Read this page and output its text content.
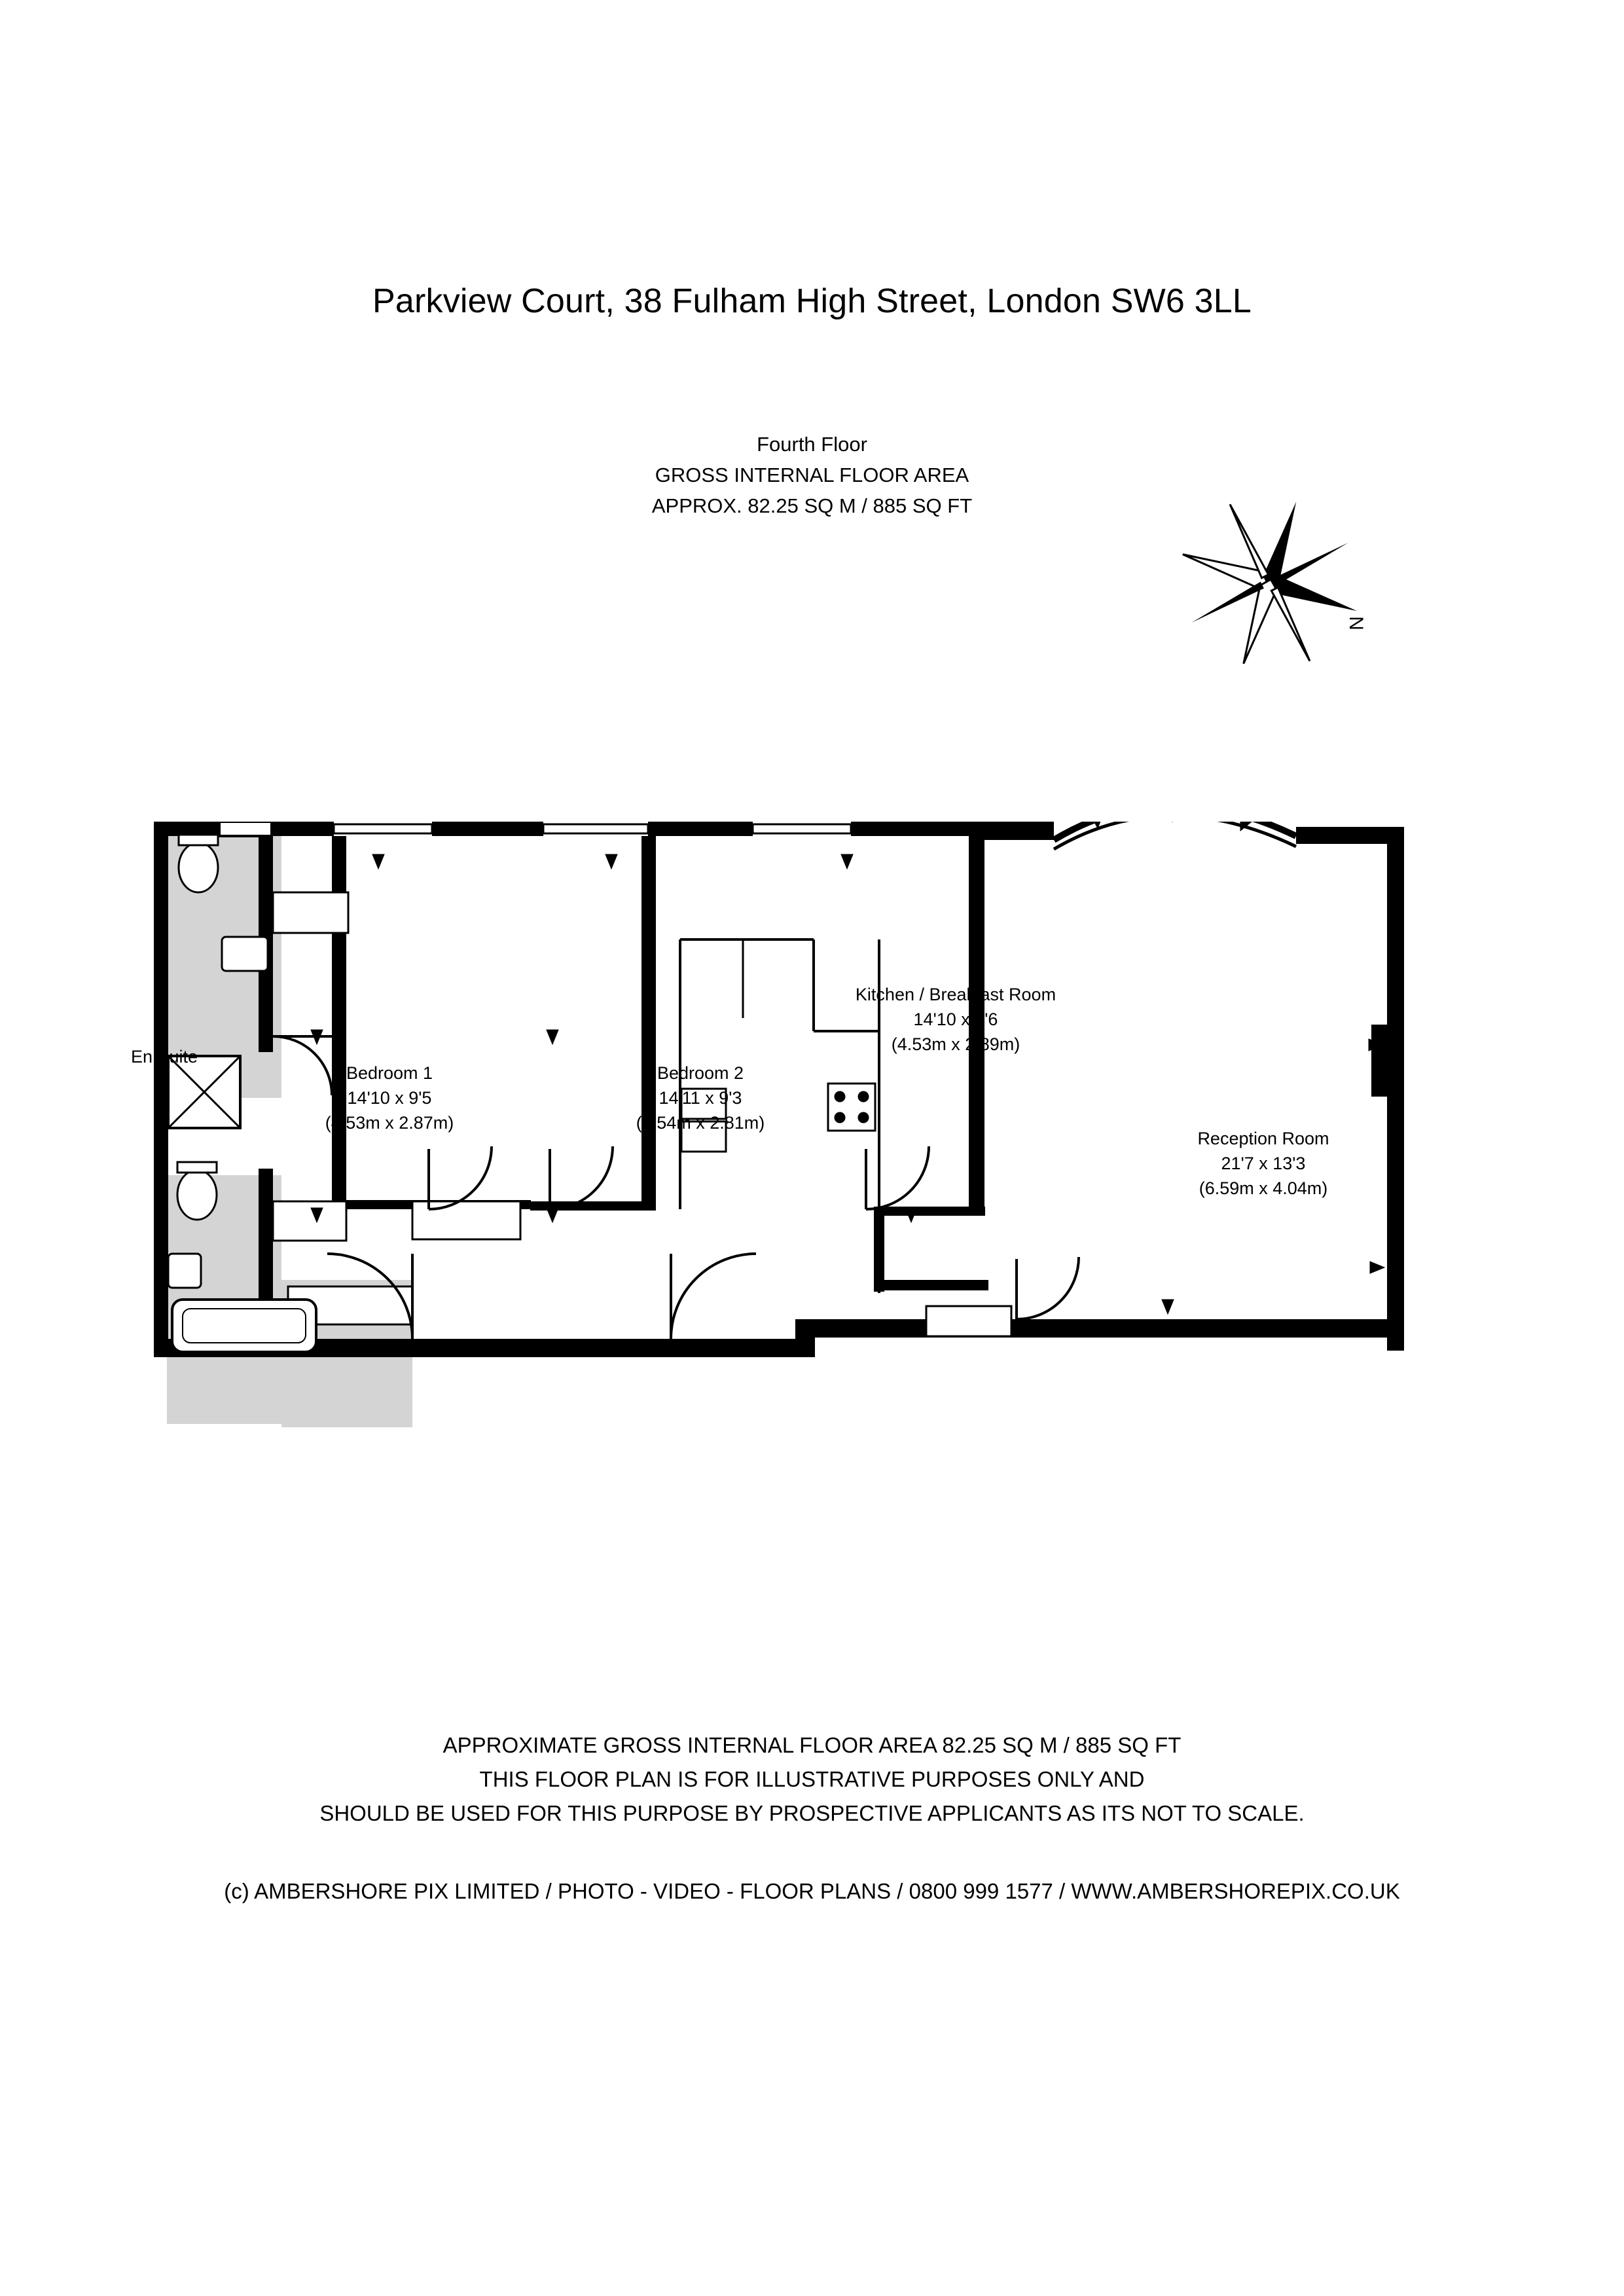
Parkview Court, 38 Fulham High Street, London SW6 3LL
Fourth Floor
GROSS INTERNAL FLOOR AREA
APPROX. 82.25 SQ M / 885 SQ FT
N
En Suite
Bedroom 1
14'10 x 9'5
(4.53m x 2.87m)
Bedroom 2
14'11 x 9'3
(4.54m x 2.81m)
Kitchen / Breakfast Room
14'10 x 9'6
(4.53m x 2.89m)
Reception Room
21'7 x 13'3
(6.59m x 4.04m)
APPROXIMATE GROSS INTERNAL FLOOR AREA 82.25 SQ M / 885 SQ FT
THIS FLOOR PLAN IS FOR ILLUSTRATIVE PURPOSES ONLY AND
SHOULD BE USED FOR THIS PURPOSE BY PROSPECTIVE APPLICANTS AS ITS NOT TO SCALE.
(c) AMBERSHORE PIX LIMITED / PHOTO - VIDEO - FLOOR PLANS / 0800 999 1577 / WWW.AMBERSHOREPIX.CO.UK
